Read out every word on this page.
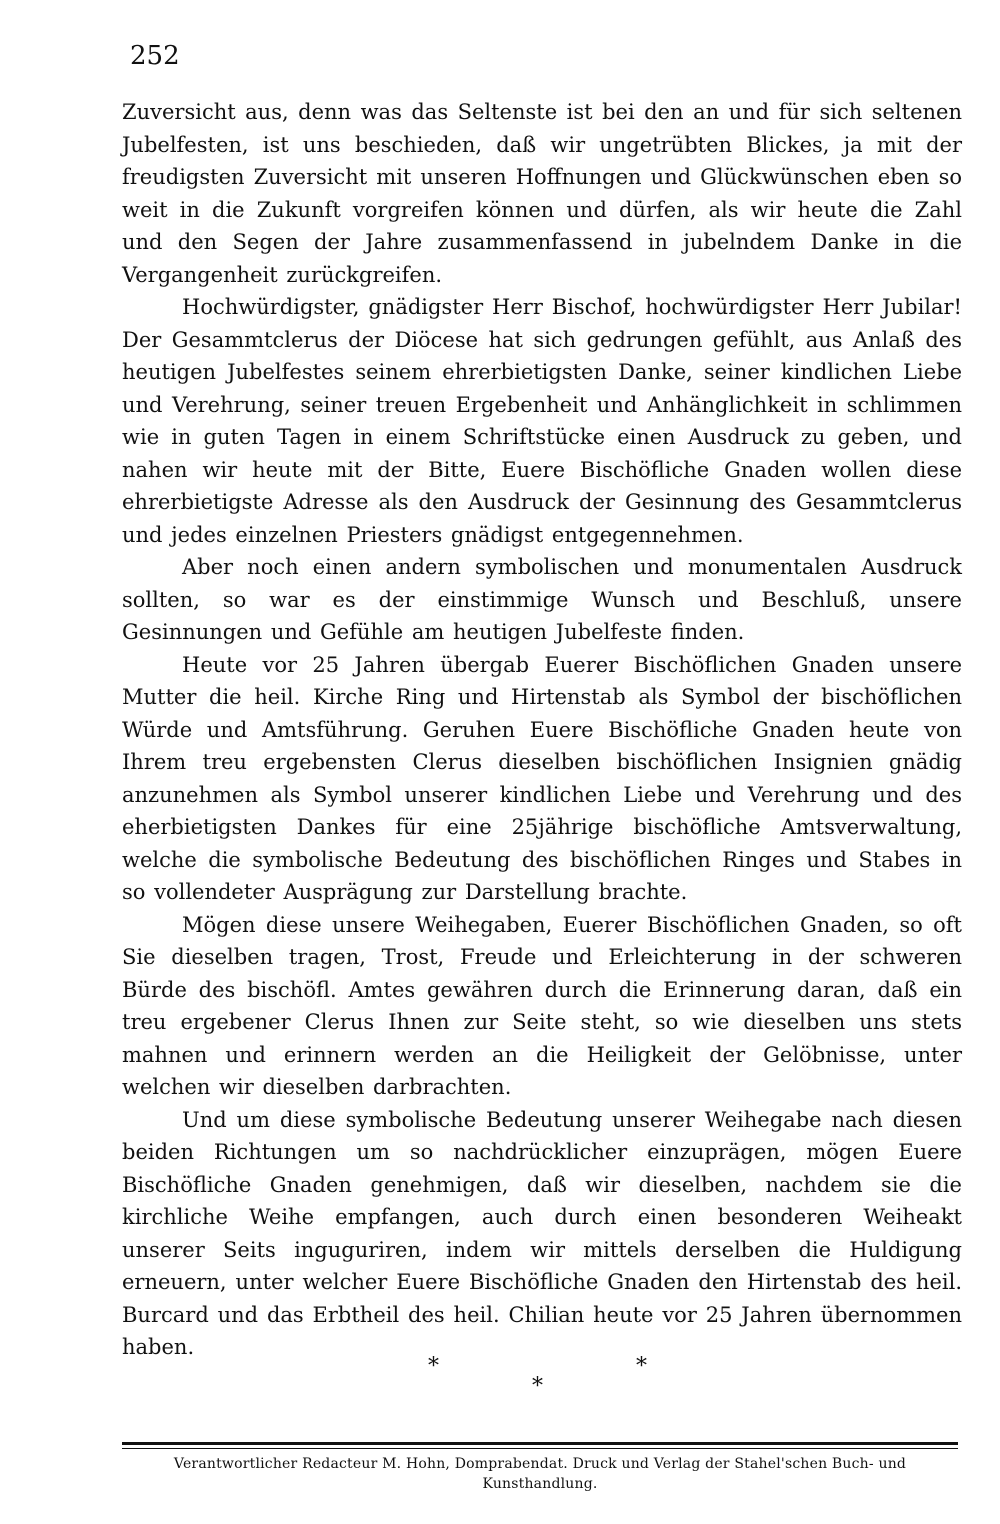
252

Zuversicht aus, denn was das Seltenste ist bei den an und für sich seltenen Jubelfesten, ist uns beschieden, daß wir ungetrübten Blickes, ja mit der freudigsten Zuversicht mit unseren Hoffnungen und Glückwünschen eben so weit in die Zukunft vorgreifen können und dürfen, als wir heute die Zahl und den Segen der Jahre zusammenfassend in jubelndem Danke in die Vergangenheit zurückgreifen.

Hochwürdigster, gnädigster Herr Bischof, hochwürdigster Herr Jubilar! Der Gesammtclerus der Diöcese hat sich gedrungen gefühlt, aus Anlaß des heutigen Jubelfestes seinem ehrerbietigsten Danke, seiner kindlichen Liebe und Verehrung, seiner treuen Ergebenheit und Anhänglichkeit in schlimmen wie in guten Tagen in einem Schriftstücke einen Ausdruck zu geben, und nahen wir heute mit der Bitte, Euere Bischöfliche Gnaden wollen diese ehrerbietigste Adresse als den Ausdruck der Gesinnung des Gesammtclerus und jedes einzelnen Priesters gnädigst entgegennehmen.

Aber noch einen andern symbolischen und monumentalen Ausdruck sollten, so war es der einstimmige Wunsch und Beschluß, unsere Gesinnungen und Gefühle am heutigen Jubelfeste finden.

Heute vor 25 Jahren übergab Euerer Bischöflichen Gnaden unsere Mutter die heil. Kirche Ring und Hirtenstab als Symbol der bischöflichen Würde und Amtsführung. Geruhen Euere Bischöfliche Gnaden heute von Ihrem treu ergebensten Clerus dieselben bischöflichen Insignien gnädig anzunehmen als Symbol unserer kindlichen Liebe und Verehrung und des eherbietigsten Dankes für eine 25jährige bischöfliche Amtsverwaltung, welche die symbolische Bedeutung des bischöflichen Ringes und Stabes in so vollendeter Ausprägung zur Darstellung brachte.

Mögen diese unsere Weihegaben, Euerer Bischöflichen Gnaden, so oft Sie dieselben tragen, Trost, Freude und Erleichterung in der schweren Bürde des bischöfl. Amtes gewähren durch die Erinnerung daran, daß ein treu ergebener Clerus Ihnen zur Seite steht, so wie dieselben uns stets mahnen und erinnern werden an die Heiligkeit der Gelöbnisse, unter welchen wir dieselben darbrachten.

Und um diese symbolische Bedeutung unserer Weihegabe nach diesen beiden Richtungen um so nachdrücklicher einzuprägen, mögen Euere Bischöfliche Gnaden genehmigen, daß wir dieselben, nachdem sie die kirchliche Weihe empfangen, auch durch einen besonderen Weiheakt unserer Seits inguguriren, indem wir mittels derselben die Huldigung erneuern, unter welcher Euere Bischöfliche Gnaden den Hirtenstab des heil. Burcard und das Erbtheil des heil. Chilian heute vor 25 Jahren übernommen haben.

*	*
*
Verantwortlicher Redacteur M. Hohn, Domprabendat. Druck und Verlag der Stahel'schen Buch- und Kunsthandlung.
